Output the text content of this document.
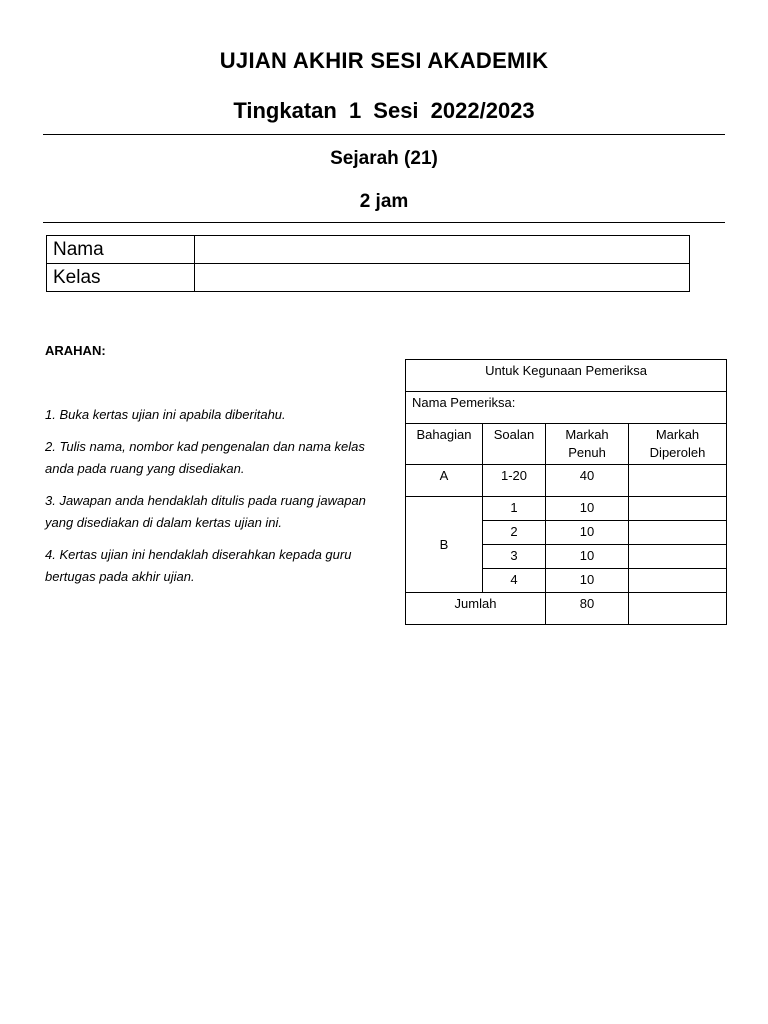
UJIAN AKHIR SESI AKADEMIK
Tingkatan 1 Sesi 2022/2023
Sejarah (21)
2 jam
Nama	
Kelas	
ARAHAN:
1. Buka kertas ujian ini apabila diberitahu.
2. Tulis nama, nombor kad pengenalan dan nama kelas anda pada ruang yang disediakan.
3. Jawapan anda hendaklah ditulis pada ruang jawapan yang disediakan di dalam kertas ujian ini.
4. Kertas ujian ini hendaklah diserahkan kepada guru bertugas pada akhir ujian.
Untuk Kegunaan Pemeriksa			
Nama Pemeriksa:			
Bahagian	Soalan	Markah Penuh	Markah Diperoleh
A	1-20	40	
B	1	10	
	2	10	
	3	10	
	4	10	
Jumlah		80	
